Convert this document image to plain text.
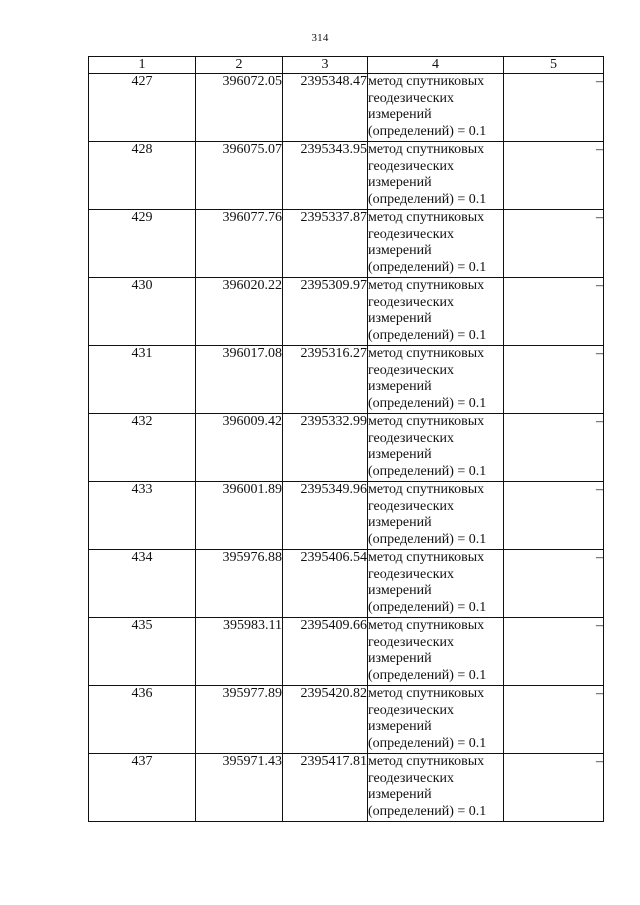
314
1	2	3	4	5
427	396072.05	2395348.47	метод спутниковых
геодезических
измерений
(определений) = 0.1	–
428	396075.07	2395343.95	метод спутниковых
геодезических
измерений
(определений) = 0.1	–
429	396077.76	2395337.87	метод спутниковых
геодезических
измерений
(определений) = 0.1	–
430	396020.22	2395309.97	метод спутниковых
геодезических
измерений
(определений) = 0.1	–
431	396017.08	2395316.27	метод спутниковых
геодезических
измерений
(определений) = 0.1	–
432	396009.42	2395332.99	метод спутниковых
геодезических
измерений
(определений) = 0.1	–
433	396001.89	2395349.96	метод спутниковых
геодезических
измерений
(определений) = 0.1	–
434	395976.88	2395406.54	метод спутниковых
геодезических
измерений
(определений) = 0.1	–
435	395983.11	2395409.66	метод спутниковых
геодезических
измерений
(определений) = 0.1	–
436	395977.89	2395420.82	метод спутниковых
геодезических
измерений
(определений) = 0.1	–
437	395971.43	2395417.81	метод спутниковых
геодезических
измерений
(определений) = 0.1	–
